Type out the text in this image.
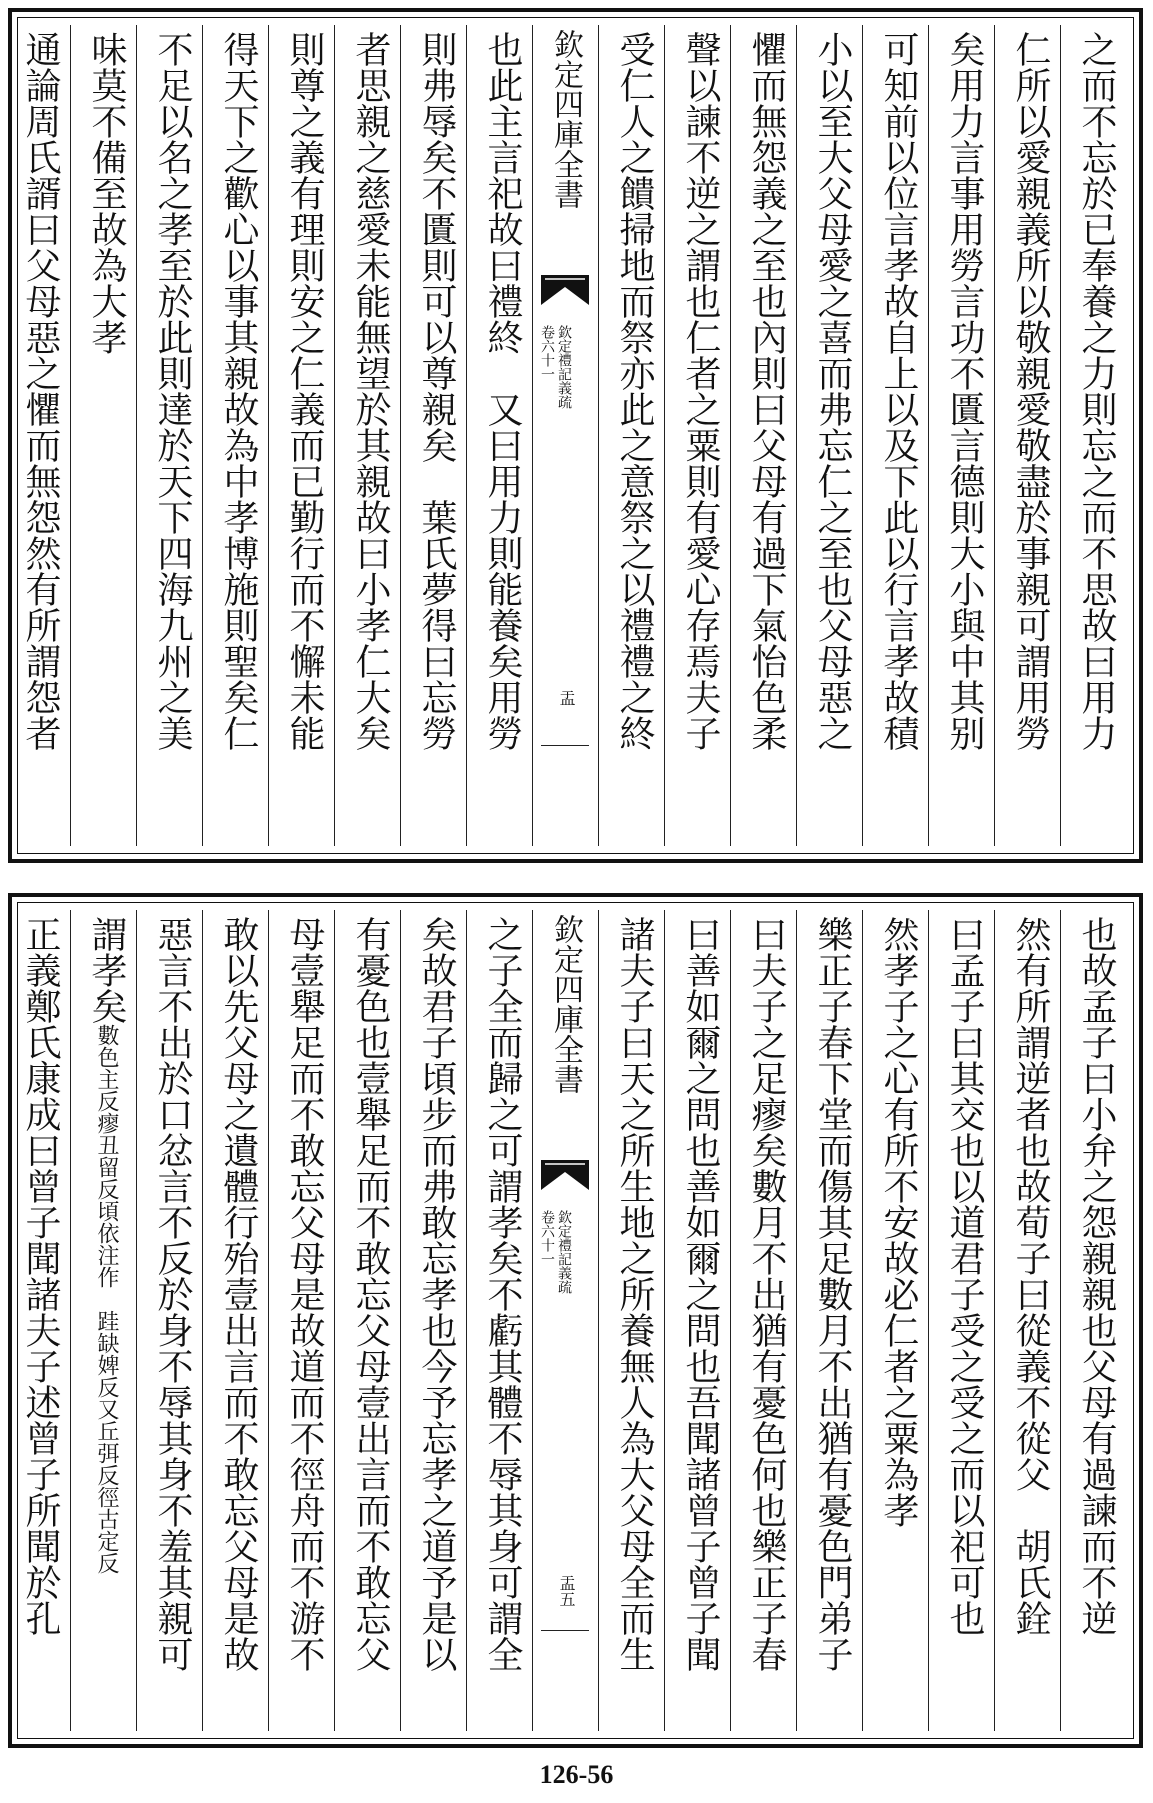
之而不忘於已奉養之力則忘之而不思故曰用力
仁所以愛親義所以敬親愛敬盡於事親可謂用勞
矣用力言事用勞言功不匱言德則大小與中其别
可知前以位言孝故自上以及下此以行言孝故積
小以至大父母愛之喜而弗忘仁之至也父母惡之
懼而無怨義之至也內則曰父母有過下氣怡色柔
聲以諫不逆之謂也仁者之粟則有愛心存焉夫子
受仁人之饋掃地而祭亦此之意祭之以禮禮之終
欽定四庫全書
欽定禮記義疏
卷六十一
盂
也此主言祀故曰禮終　又曰用力則能養矣用勞
則弗辱矣不匱則可以尊親矣　葉氏夢得曰忘勞
者思親之慈愛未能無望於其親故曰小孝仁大矣
則尊之義有理則安之仁義而已勤行而不懈未能
得天下之歡心以事其親故為中孝博施則聖矣仁
不足以名之孝至於此則達於天下四海九州之美
味莫不備至故為大孝
通論周氏諝曰父母惡之懼而無怨然有所謂怨者
也故孟子曰小弁之怨親親也父母有過諫而不逆
然有所謂逆者也故荀子曰從義不從父　胡氏銓
曰孟子曰其交也以道君子受之受之而以祀可也
然孝子之心有所不安故必仁者之粟為孝
樂正子春下堂而傷其足數月不出猶有憂色門弟子
曰夫子之足瘳矣數月不出猶有憂色何也樂正子春
曰善如爾之問也善如爾之問也吾聞諸曾子曾子聞
諸夫子曰天之所生地之所養無人為大父母全而生
欽定四庫全書
欽定禮記義疏
卷六十一
盂五
之子全而歸之可謂孝矣不虧其體不辱其身可謂全
矣故君子頃步而弗敢忘孝也今予忘孝之道予是以
有憂色也壹舉足而不敢忘父母壹出言而不敢忘父
母壹舉足而不敢忘父母是故道而不徑舟而不游不
敢以先父母之遺體行殆壹出言而不敢忘父母是故
惡言不出於口忿言不反於身不辱其身不羞其親可
謂孝矣數色主反瘳丑留反頃依注作　跬缺婢反又丘弭反徑古定反
正義鄭氏康成曰曾子聞諸夫子述曾子所聞於孔
126-56
